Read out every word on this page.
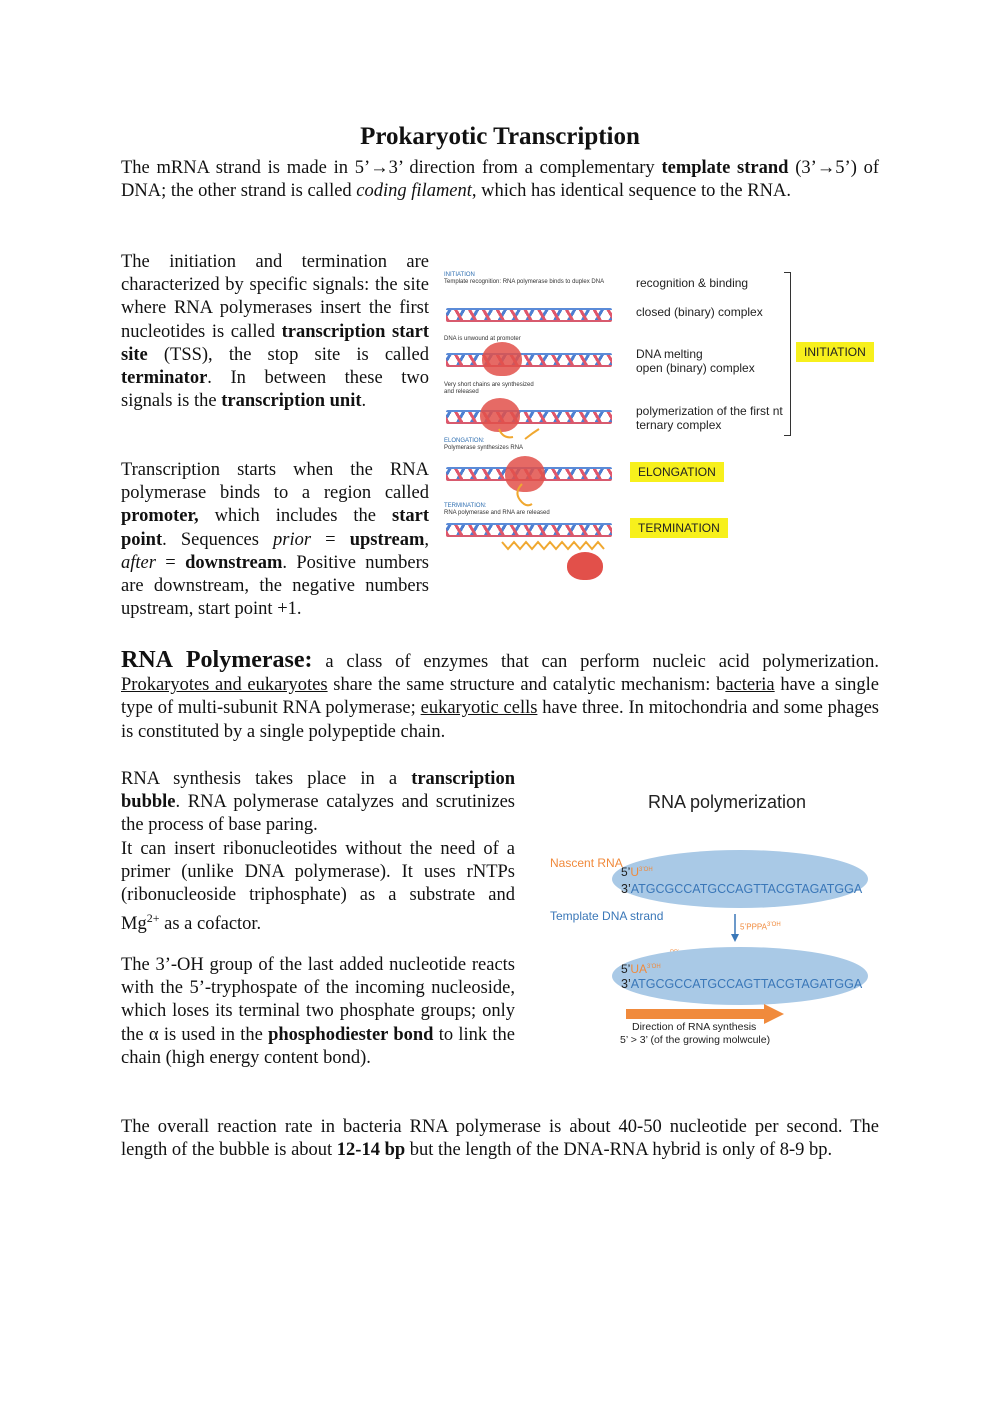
Prokaryotic Transcription
The mRNA strand is made in 5’→3’ direction from a complementary template strand (3’→5’) of DNA; the other strand is called coding filament, which has identical sequence to the RNA.
The initiation and termination are characterized by specific signals: the site where RNA polymerases insert the first nucleotides is called transcription start site (TSS), the stop site is called terminator. In between these two signals is the transcription unit.
Transcription starts when the RNA polymerase binds to a region called promoter, which includes the start point. Sequences prior = upstream, after = downstream. Positive numbers are downstream, the negative numbers upstream, start point +1.
INITIATION
Template recognition: RNA polymerase binds to duplex DNA
DNA is unwound at promoter
Very short chains are synthesized and released
ELONGATION:
Polymerase synthesizes RNA
TERMINATION:
RNA polymerase and RNA are released
recognition & binding
closed (binary) complex
DNA melting
open (binary) complex
polymerization of the first nt
ternary complex
INITIATION
ELONGATION
TERMINATION
RNA Polymerase: a class of enzymes that can perform nucleic acid polymerization. Prokaryotes and eukaryotes share the same structure and catalytic mechanism: bacteria have a single type of multi-subunit RNA polymerase; eukaryotic cells have three. In mitochondria and some phages is constituted by a single polypeptide chain.

RNA synthesis takes place in a transcription bubble. RNA polymerase catalyzes and scrutinizes the process of base paring.

It can insert ribonucleotides without the need of a primer (unlike DNA polymerase). It uses rNTPs (ribonucleoside triphosphate) as a substrate and $Mg^{2+}$ as a cofactor.

The 3’-OH group of the last added nucleotide reacts with the 5’-tryphospate of the incoming nucleoside, which loses its terminal two phosphate groups; only the α is used in the phosphodiester bond to link the chain (high energy content bond).
RNA polymerization
Nascent RNA
Template DNA strand
$5’U^{3’OH}$
3’ATGCGCCATGCCAGTTACGTAGATGGA
$5’PPPA^{3’OH}$
$5’UA^{3’OH}$
3’ATGCGCCATGCCAGTTACGTAGATGGA
Direction of RNA synthesis
5’ > 3’ (of the growing molwcule)
The overall reaction rate in bacteria RNA polymerase is about 40-50 nucleotide per second. The length of the bubble is about 12-14 bp but the length of the DNA-RNA hybrid is only of 8-9 bp.
